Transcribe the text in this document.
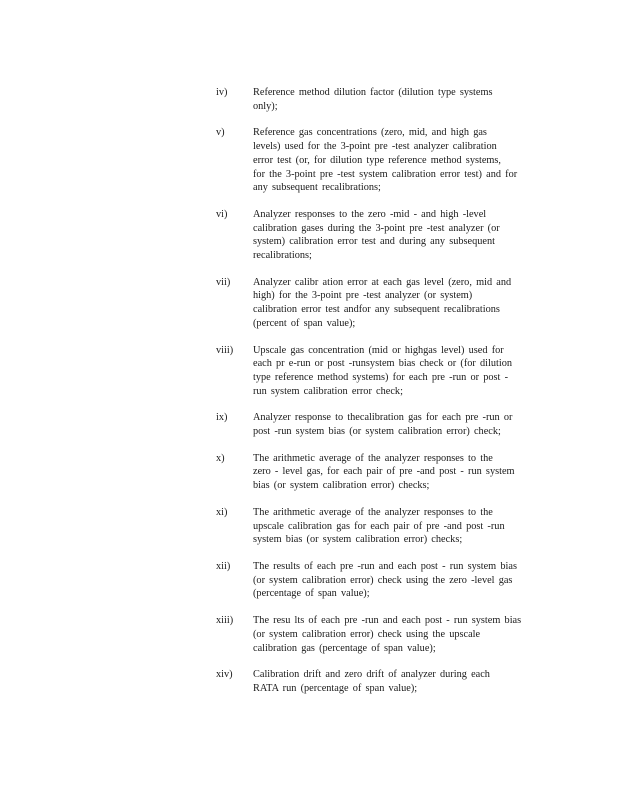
iv)	Reference method dilution factor (dilution type systems
only);
v)	Reference gas concentrations (zero, mid, and high gas
levels) used for the 3-point pre -test analyzer calibration
error test (or, for dilution type reference method systems,
for the 3-point pre -test system calibration error test) and for
any subsequent recalibrations;
vi)	Analyzer responses to the zero -mid - and high -level
calibration gases during the 3-point pre -test analyzer (or
system) calibration error test and during any subsequent
recalibrations;
vii)	Analyzer calibr ation error at each gas level (zero, mid and
high) for the 3-point pre -test analyzer (or system)
calibration error test andfor any subsequent recalibrations
(percent of span value);
viii)	Upscale gas concentration (mid or highgas level) used for
each pr e-run or post -runsystem bias check or (for dilution
type reference method systems) for each pre -run or post -
run system calibration error check;
ix)	Analyzer response to thecalibration gas for each pre -run or
post -run system bias (or system calibration error) check;
x)	The arithmetic average of the analyzer responses to the
zero - level gas, for each pair of pre -and post - run system
bias (or system calibration error) checks;
xi)	The arithmetic average of the analyzer responses to the
upscale calibration gas for each pair of pre -and post -run
system bias (or system calibration error) checks;
xii)	The results of each pre -run and each post - run system bias
(or system calibration error) check using the zero -level gas
(percentage of span value);
xiii)	The resu lts of each pre -run and each post - run system bias
(or system calibration error) check using the upscale
calibration gas (percentage of span value);
xiv)	Calibration drift and zero drift of analyzer during each
RATA run (percentage of span value);
